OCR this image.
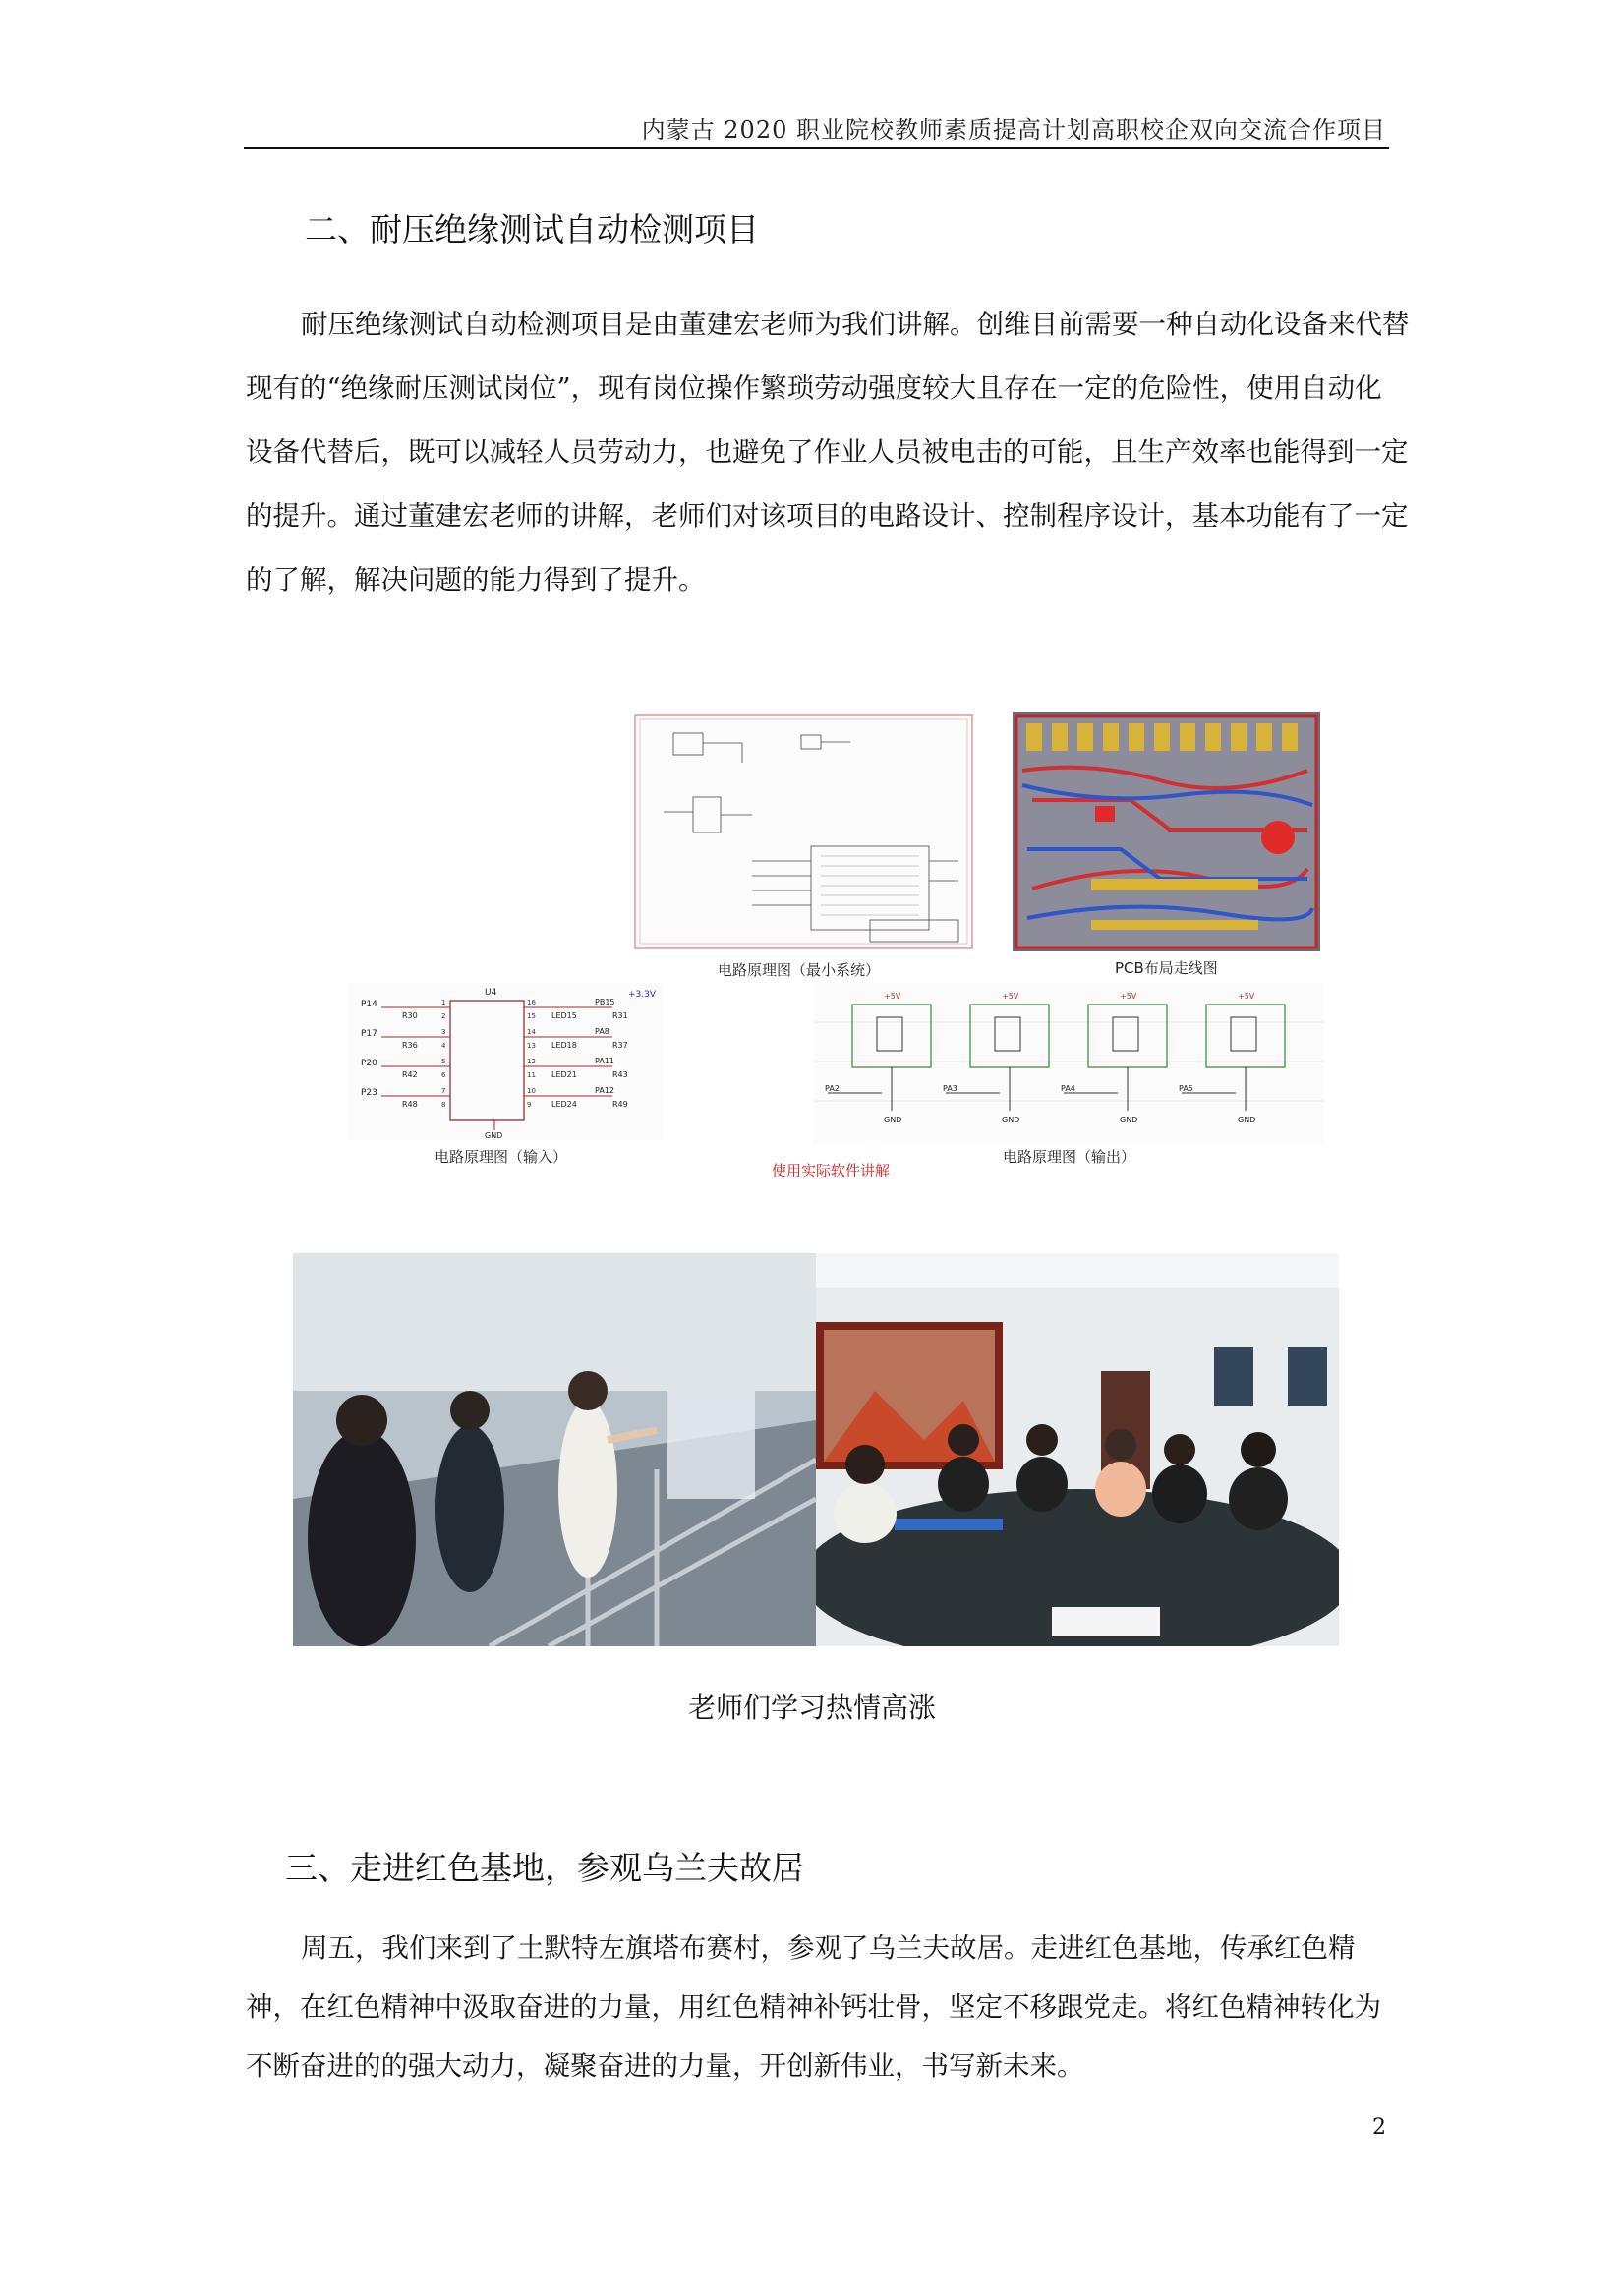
内蒙古 2020 职业院校教师素质提高计划高职校企双向交流合作项目
二、耐压绝缘测试自动检测项目

耐压绝缘测试自动检测项目是由董建宏老师为我们讲解。创维目前需要一种自动化设备来代替

现有的“绝缘耐压测试岗位”，现有岗位操作繁琐劳动强度较大且存在一定的危险性，使用自动化

设备代替后，既可以减轻人员劳动力，也避免了作业人员被电击的可能，且生产效率也能得到一定

的提升。通过董建宏老师的讲解，老师们对该项目的电路设计、控制程序设计，基本功能有了一定

的了解，解决问题的能力得到了提升。

电路原理图（最小系统）	PCB布局走线图
P14
P17
P20
P23
R30
R36
R42
R48
U4
1
2
3
4
5
6
7
8
16
15
14
13
12
11
10
9
LED15
LED18
LED21
LED24
PB15
PA8
PA11
PA12
R31
R37
R43
R49
+3.3V
GND
电路原理图（输入）
+5V	+5V	+5V	+5V
PA2	PA3	PA4	PA5
GND	GND	GND	GND
使用实际软件讲解
电路原理图（输出）
老师们学习热情高涨
三、走进红色基地，参观乌兰夫故居

周五，我们来到了土默特左旗塔布赛村，参观了乌兰夫故居。走进红色基地，传承红色精

神，在红色精神中汲取奋进的力量，用红色精神补钙壮骨，坚定不移跟党走。将红色精神转化为

不断奋进的的强大动力，凝聚奋进的力量，开创新伟业，书写新未来。

2
